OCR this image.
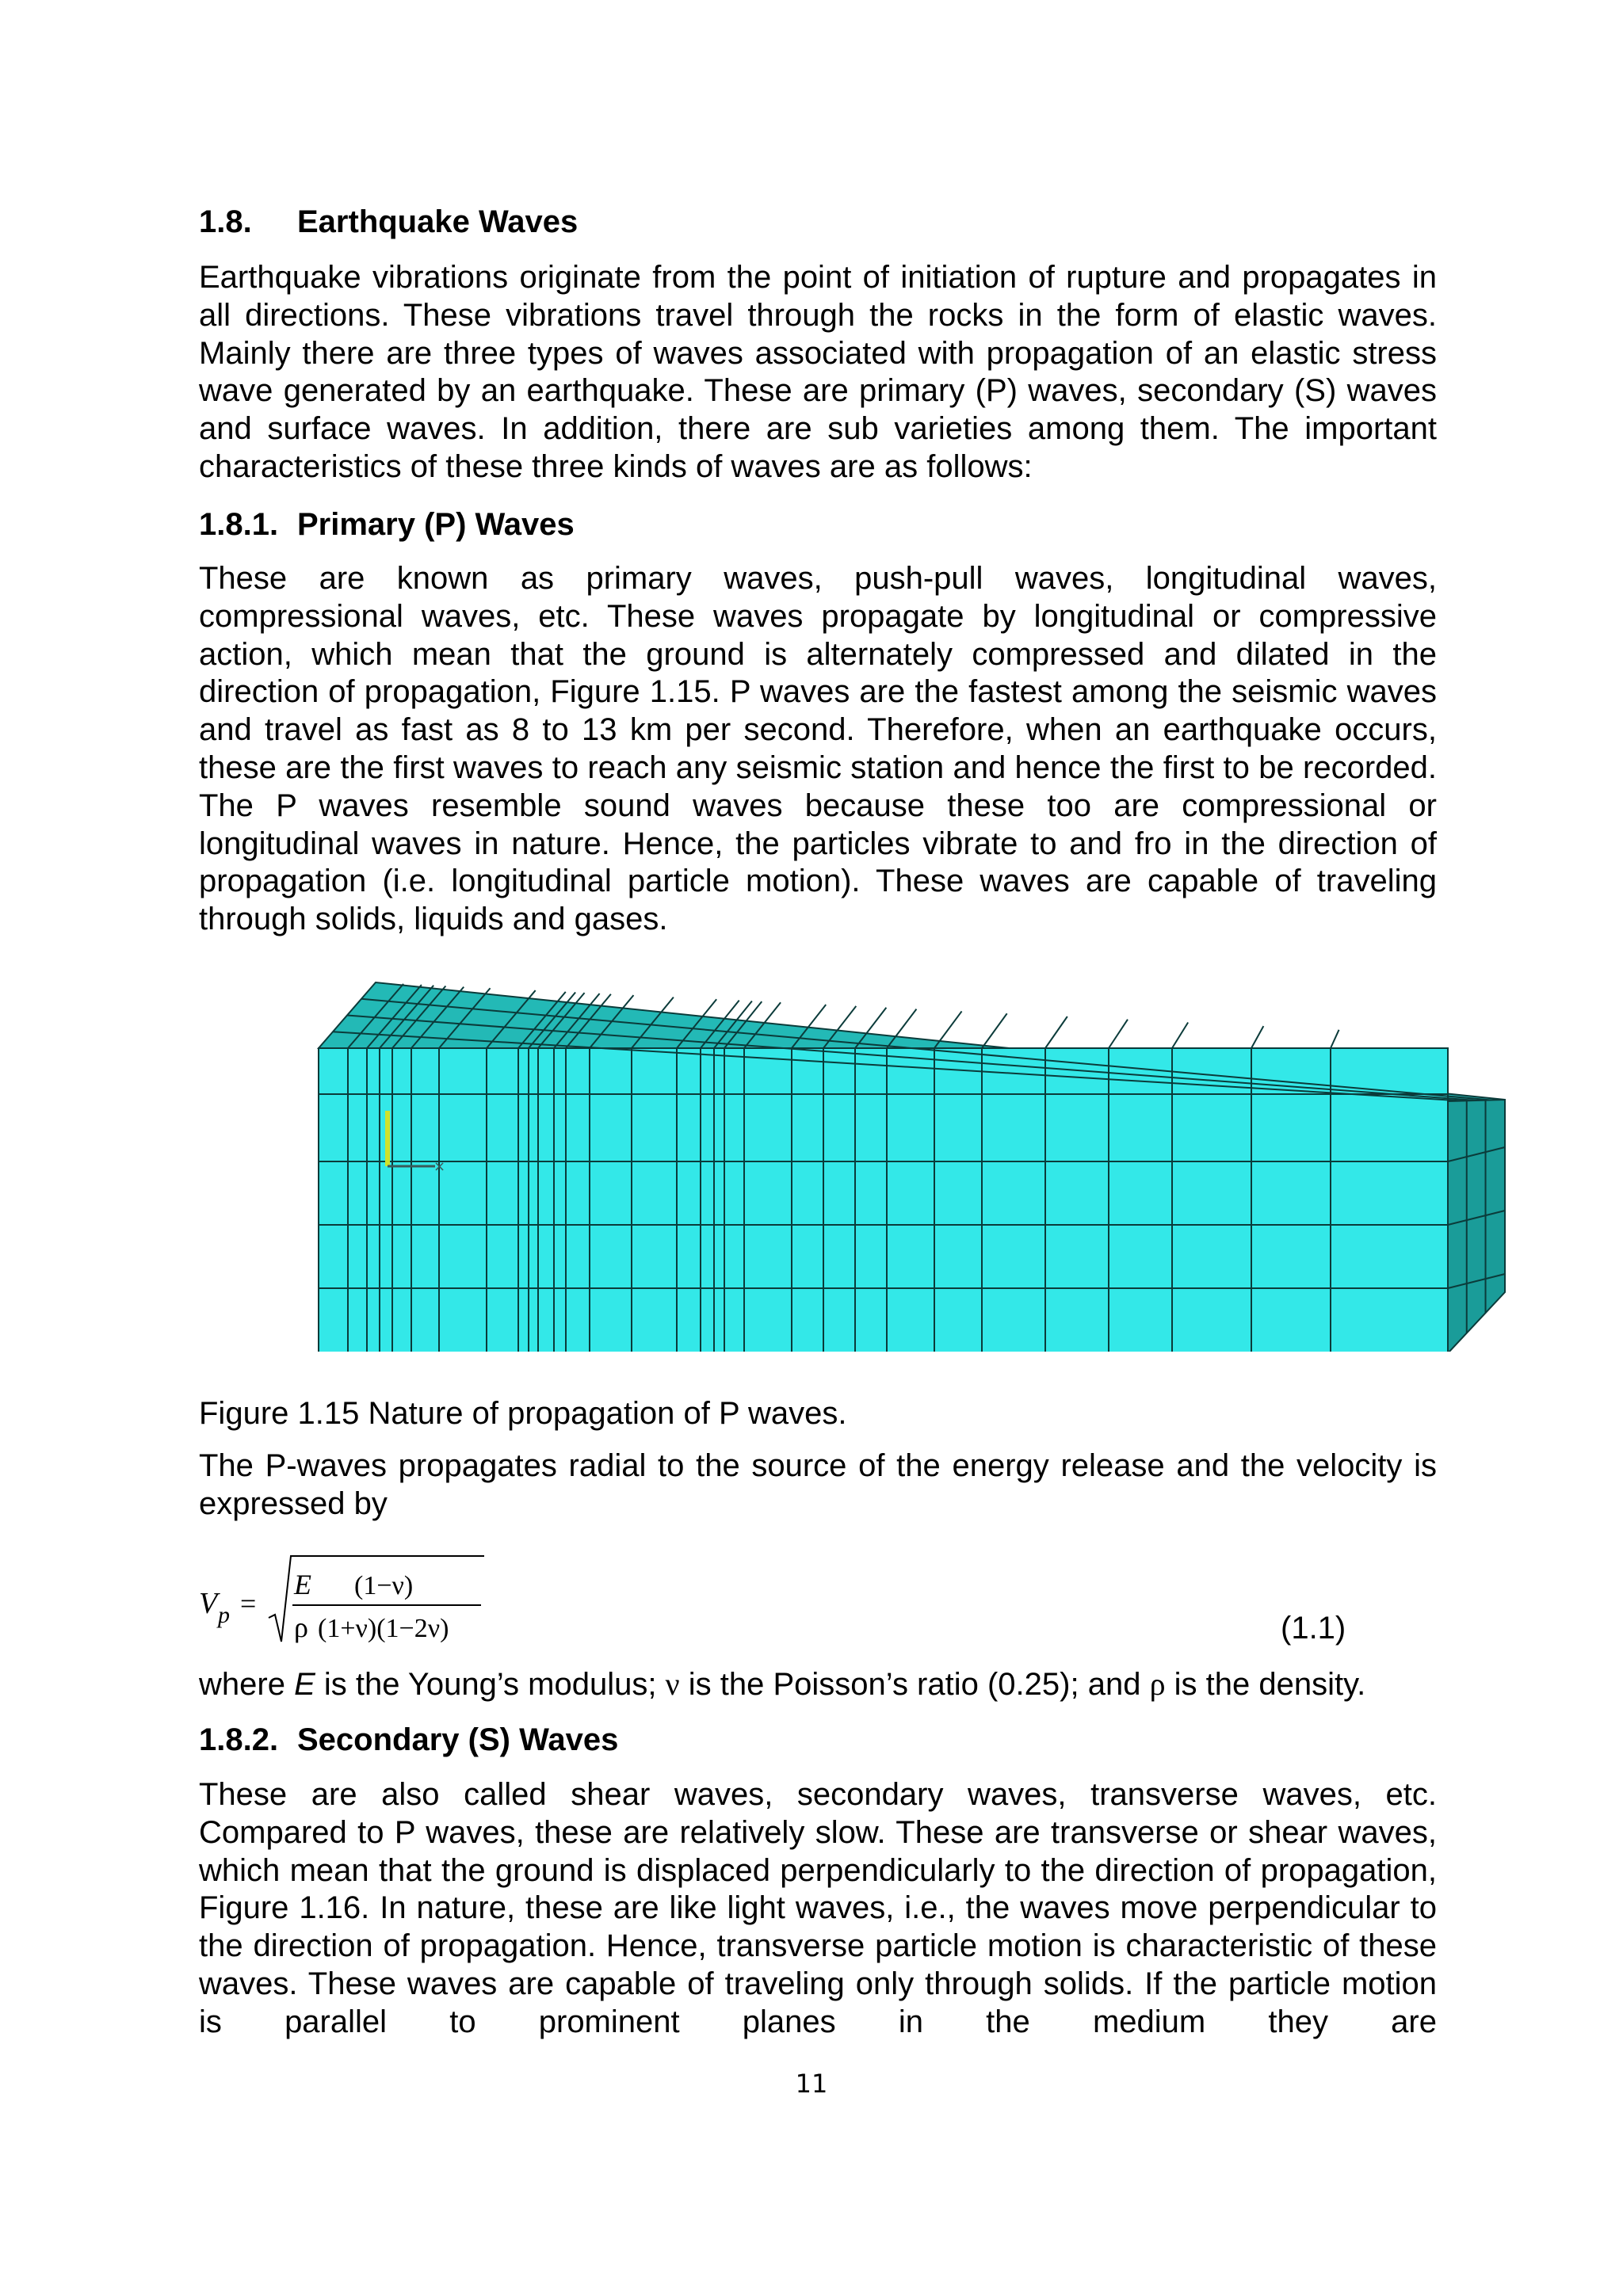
1.8. Earthquake Waves
Earthquake vibrations originate from the point of initiation of rupture and propagates in all directions. These vibrations travel through the rocks in the form of elastic waves. Mainly there are three types of waves associated with propagation of an elastic stress wave generated by an earthquake. These are primary (P) waves, secondary (S) waves and surface waves. In addition, there are sub varieties among them. The important characteristics of these three kinds of waves are as follows:
1.8.1. Primary (P) Waves
These are known as primary waves, push-pull waves, longitudinal waves, compressional waves, etc. These waves propagate by longitudinal or compressive action, which mean that the ground is alternately compressed and dilated in the direction of propagation, Figure 1.15. P waves are the fastest among the seismic waves and travel as fast as 8 to 13 km per second. Therefore, when an earthquake occurs, these are the first waves to reach any seismic station and hence the first to be recorded. The P waves resemble sound waves because these too are compressional or longitudinal waves in nature. Hence, the particles vibrate to and fro in the direction of propagation (i.e. longitudinal particle motion). These waves are capable of traveling through solids, liquids and gases.
×
Figure 1.15 Nature of propagation of P waves.
The P-waves propagates radial to the source of the energy release and the velocity is expressed by
V p =
E (1−ν)
ρ (1+ν)(1−2ν)	(1.1)
where E is the Young’s modulus; ν is the Poisson’s ratio (0.25); and ρ is the density.
1.8.2. Secondary (S) Waves
These are also called shear waves, secondary waves, transverse waves, etc. Compared to P waves, these are relatively slow. These are transverse or shear waves, which mean that the ground is displaced perpendicularly to the direction of propagation, Figure 1.16. In nature, these are like light waves, i.e., the waves move perpendicular to the direction of propagation. Hence, transverse particle motion is characteristic of these waves. These waves are capable of traveling only through solids. If the particle motion is parallel to prominent planes in the medium they are
11
